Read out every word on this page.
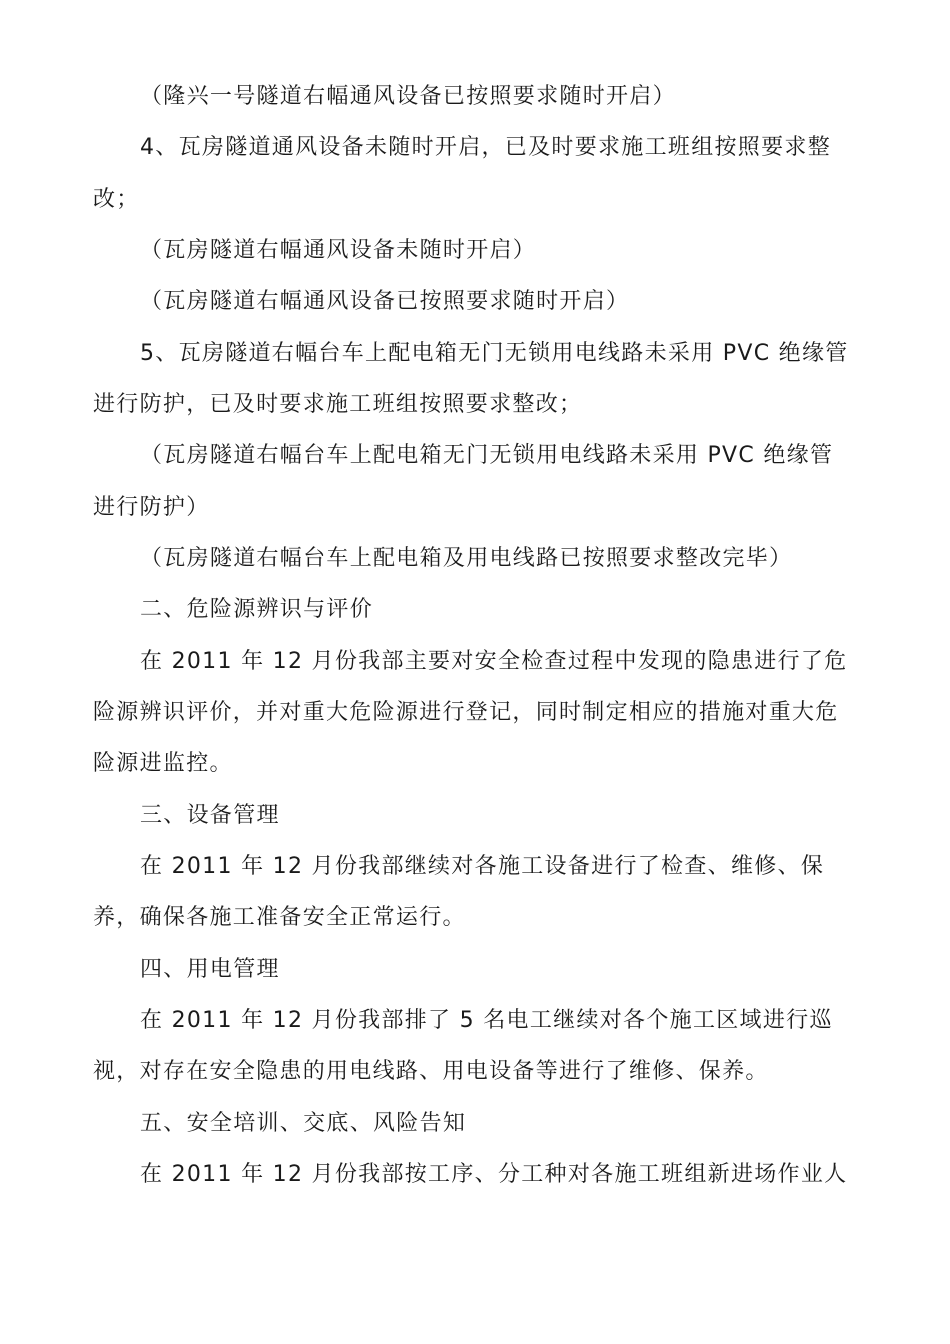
（隆兴一号隧道右幅通风设备已按照要求随时开启）
4、瓦房隧道通风设备未随时开启，已及时要求施工班组按照要求整
改；
（瓦房隧道右幅通风设备未随时开启）
（瓦房隧道右幅通风设备已按照要求随时开启）
5、瓦房隧道右幅台车上配电箱无门无锁用电线路未采用 PVC 绝缘管
进行防护，已及时要求施工班组按照要求整改；
（瓦房隧道右幅台车上配电箱无门无锁用电线路未采用 PVC 绝缘管
进行防护）
（瓦房隧道右幅台车上配电箱及用电线路已按照要求整改完毕）
二、危险源辨识与评价
在 2011 年 12 月份我部主要对安全检查过程中发现的隐患进行了危
险源辨识评价，并对重大危险源进行登记，同时制定相应的措施对重大危
险源进监控。
三、设备管理
在 2011 年 12 月份我部继续对各施工设备进行了检查、维修、保
养，确保各施工准备安全正常运行。
四、用电管理
在 2011 年 12 月份我部排了 5 名电工继续对各个施工区域进行巡
视，对存在安全隐患的用电线路、用电设备等进行了维修、保养。
五、安全培训、交底、风险告知
在 2011 年 12 月份我部按工序、分工种对各施工班组新进场作业人
